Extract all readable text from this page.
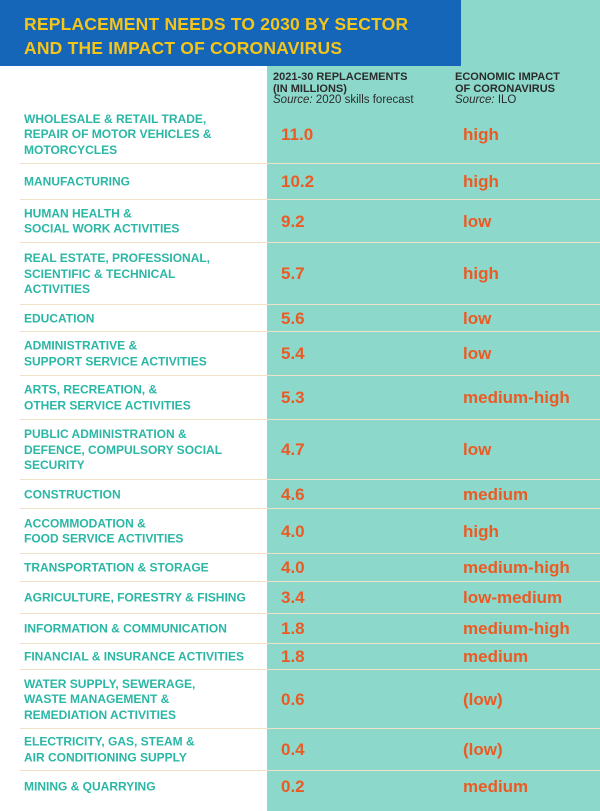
REPLACEMENT NEEDS TO 2030 BY SECTOR
AND THE IMPACT OF CORONAVIRUS
2021-30 REPLACEMENTS
(IN MILLIONS)
Source: 2020 skills forecast
ECONOMIC IMPACT
OF CORONAVIRUS
Source: ILO
WHOLESALE & RETAIL TRADE,
REPAIR OF MOTOR VEHICLES &
MOTORCYCLES
11.0	high
MANUFACTURING	10.2	high
HUMAN HEALTH &
SOCIAL WORK ACTIVITIES	9.2	low
REAL ESTATE, PROFESSIONAL,
SCIENTIFIC & TECHNICAL
ACTIVITIES
5.7	high
EDUCATION	5.6	low
ADMINISTRATIVE &
SUPPORT SERVICE ACTIVITIES	5.4	low
ARTS, RECREATION, &
OTHER SERVICE ACTIVITIES	5.3	medium-high
PUBLIC ADMINISTRATION &
DEFENCE, COMPULSORY SOCIAL
SECURITY
4.7	low
CONSTRUCTION	4.6	medium
ACCOMMODATION &
FOOD SERVICE ACTIVITIES	4.0	high
TRANSPORTATION & STORAGE	4.0	medium-high
AGRICULTURE, FORESTRY & FISHING	3.4	low-medium
INFORMATION & COMMUNICATION	1.8	medium-high
FINANCIAL & INSURANCE ACTIVITIES	1.8	medium
WATER SUPPLY, SEWERAGE,
WASTE MANAGEMENT &
REMEDIATION ACTIVITIES
0.6	(low)
ELECTRICITY, GAS, STEAM &
AIR CONDITIONING SUPPLY	0.4	(low)
MINING & QUARRYING	0.2	medium
